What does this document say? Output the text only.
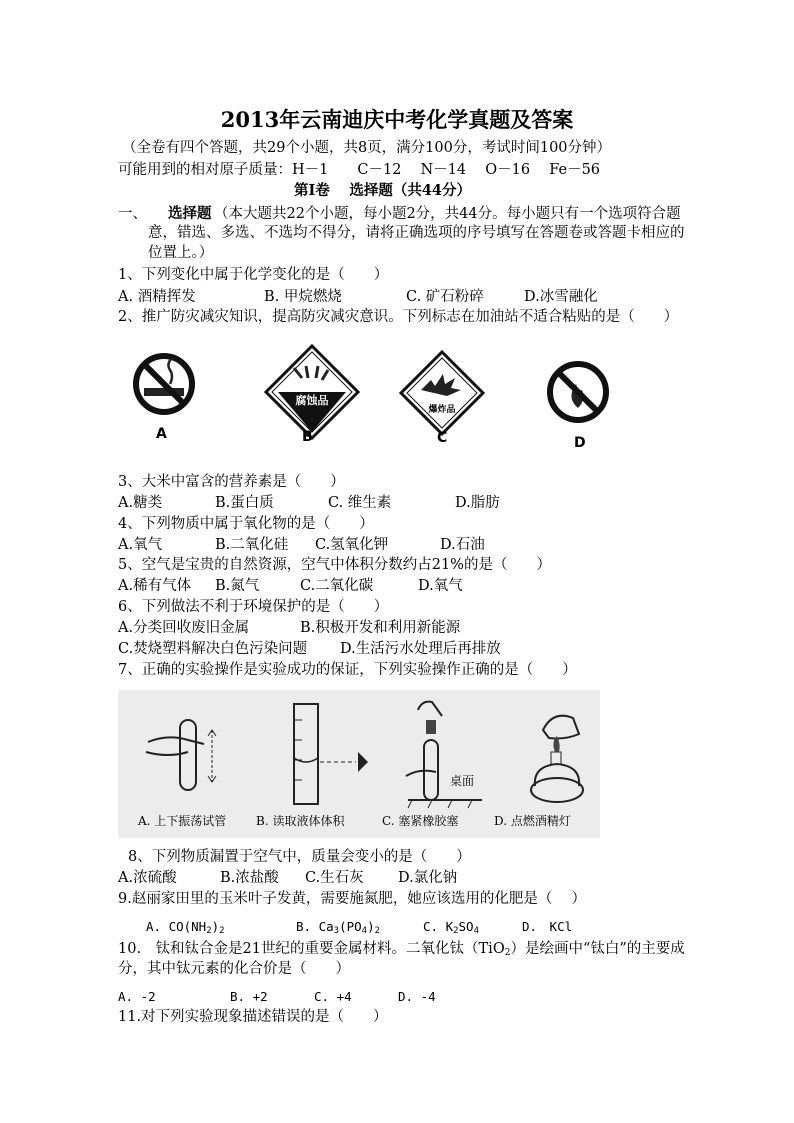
2013年云南迪庆中考化学真题及答案
（全卷有四个答题，共29个小题，共8页，满分100分，考试时间100分钟）
可能用到的相对原子质量：H－1　　C－12　 N－14　 O－16　 Fe－56
第Ⅰ卷　 选择题（共44分）
一、 选择题 （本大题共22个小题，每小题2分，共44分。每小题只有一个选项符合题
意，错选、多选、不选均不得分，请将正确选项的序号填写在答题卷或答题卡相应的
位置上。）
1、下列变化中属于化学变化的是（　　）
A. 酒精挥发	B. 甲烷燃烧	C. 矿石粉碎	D.冰雪融化
2、推广防灾减灾知识，提高防灾减灾意识。下列标志在加油站不适合粘贴的是（　　）
A
腐蚀品
B
爆炸品
C	D
3、大米中富含的营养素是（　　）
A.糖类	B.蛋白质	C. 维生素	D.脂肪
4、下列物质中属于氧化物的是（　　）
A.氧气	B.二氧化硅 C.氢氧化钾	D.石油
5、空气是宝贵的自然资源，空气中体积分数约占21%的是（　　）
A.稀有气体 B.氮气	C.二氧化碳	D.氧气
6、下列做法不利于环境保护的是（　　）
A.分类回收废旧金属	B.积极开发和利用新能源
C.焚烧塑料解决白色污染问题 D.生活污水处理后再排放
7、正确的实验操作是实验成功的保证，下列实验操作正确的是（　　）
桌面
A. 上下振荡试管 B. 读取液体体积	C. 塞紧橡胶塞	D. 点燃酒精灯
8、下列物质漏置于空气中，质量会变小的是（　　）
A.浓硫酸	B.浓盐酸 C.生石灰 D.氯化钠
9.赵丽家田里的玉米叶子发黄，需要施氮肥，她应该选用的化肥是（　 ）
A. $CO(NH_2)_2$	B. $Ca_3(PO_4)_2$	C. $K_2SO_4$	D.　KCl
10.　钛和钛合金是21世纪的重要金属材料。二氧化钛（TiO$_2$）是绘画中“钛白”的主要成
分，其中钛元素的化合价是（　　）
A. -2	B. +2	C. +4	D. -4
11.对下列实验现象描述错误的是（　　）
